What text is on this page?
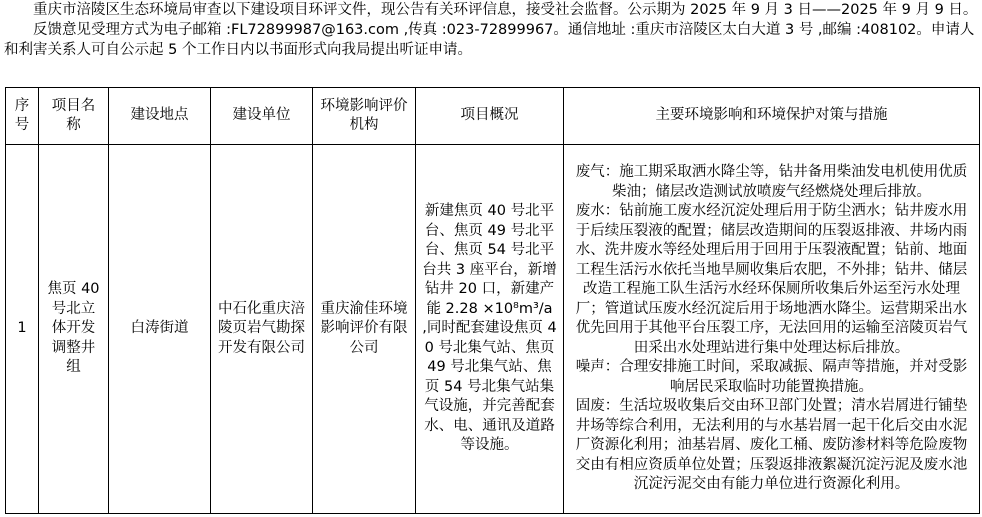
重庆市涪陵区生态环境局审查以下建设项目环评文件，现公告有关环评信息，接受社会监督。公示期为 2025 年 9 月 3 日——2025 年 9 月 9 日。

反馈意见受理方式为电子邮箱 :FL72899987@163.com ,传真 :023-72899967。通信地址 :重庆市涪陵区太白大道 3 号 ,邮编 :408102。申请人和利害关系人可自公示起 5 个工作日内以书面形式向我局提出听证申请。

序号	项目名称	建设地点	建设单位	环境影响评价机构	项目概况	主要环境影响和环境保护对策与措施
1	焦页 40 号北立体开发调整井组	白涛街道	中石化重庆涪陵页岩气勘探开发有限公司	重庆渝佳环境影响评价有限公司	新建焦页 40 号北平台、焦页 49 号北平台、焦页 54 号北平台共 3 座平台，新增钻井 20 口，新建产能 2.28 ×10⁸m³/a ,同时配套建设焦页 40 号北集气站、焦页 49 号北集气站、焦页 54 号北集气站集气设施，并完善配套水、电、通讯及道路等设施。	废气：施工期采取洒水降尘等，钻井备用柴油发电机使用优质柴油；储层改造测试放喷废气经燃烧处理后排放。
废水：钻前施工废水经沉淀处理后用于防尘洒水；钻井废水用于后续压裂液的配置；储层改造期间的压裂返排液、井场内雨水、洗井废水等经处理后用于回用于压裂液配置；钻前、地面工程生活污水依托当地旱厕收集后农肥，不外排；钻井、储层改造工程施工队生活污水经环保厕所收集后外运至污水处理厂；管道试压废水经沉淀后用于场地洒水降尘。运营期采出水优先回用于其他平台压裂工序，无法回用的运输至涪陵页岩气田采出水处理站进行集中处理达标后排放。
噪声：合理安排施工时间，采取减振、隔声等措施，并对受影响居民采取临时功能置换措施。
固废：生活垃圾收集后交由环卫部门处置；清水岩屑进行铺垫井场等综合利用，无法利用的与水基岩屑一起干化后交由水泥厂资源化利用；油基岩屑、废化工桶、废防渗材料等危险废物交由有相应资质单位处置；压裂返排液絮凝沉淀污泥及废水池沉淀污泥交由有能力单位进行资源化利用。
